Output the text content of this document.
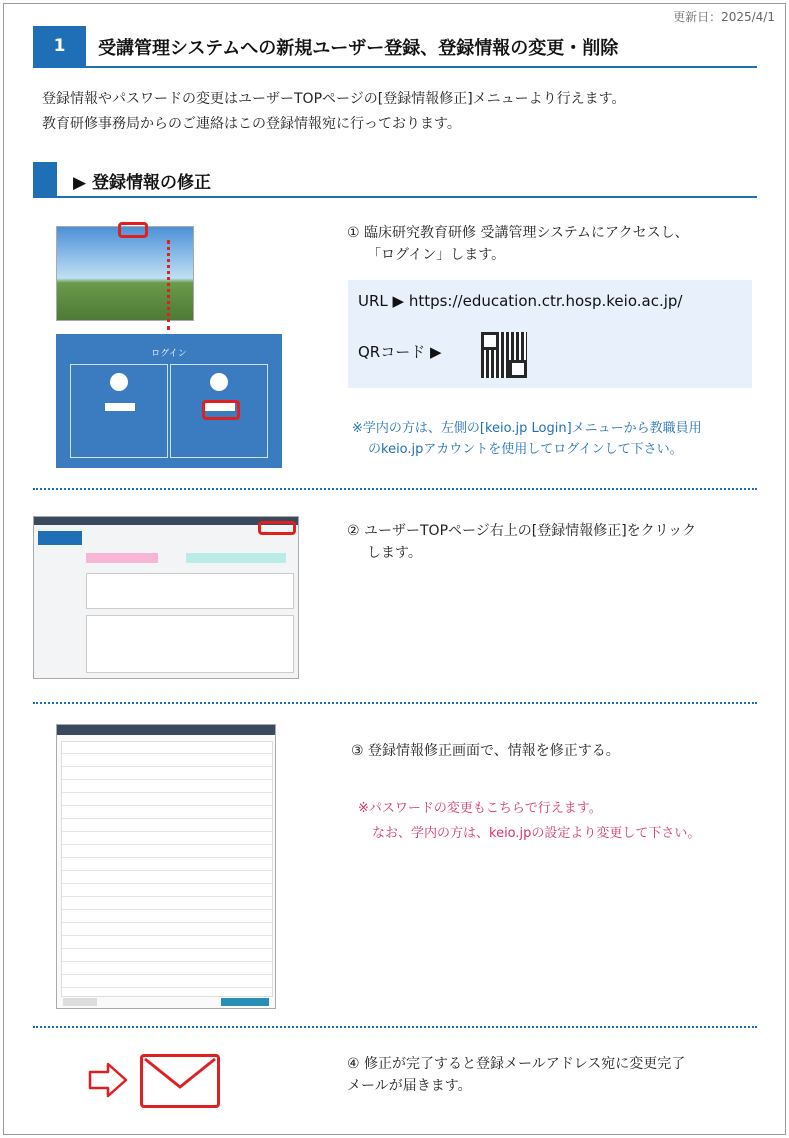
更新日：2025/4/1
1	受講管理システムへの新規ユーザー登録、登録情報の変更・削除
登録情報やパスワードの変更はユーザーTOPページの[登録情報修正]メニューより行えます。
教育研修事務局からのご連絡はこの登録情報宛に行っております。
▶ 登録情報の修正
ログイン
① 臨床研究教育研修 受講管理システムにアクセスし、
「ログイン」します。
URL ▶ https://education.ctr.hosp.keio.ac.jp/
QRコード ▶
※学内の方は、左側の[keio.jp Login]メニューから教職員用
のkeio.jpアカウントを使用してログインして下さい。
② ユーザーTOPページ右上の[登録情報修正]をクリック
します。
③ 登録情報修正画面で、情報を修正する。
※パスワードの変更もこちらで行えます。
なお、学内の方は、keio.jpの設定より変更して下さい。
④ 修正が完了すると登録メールアドレス宛に変更完了
メールが届きます。
